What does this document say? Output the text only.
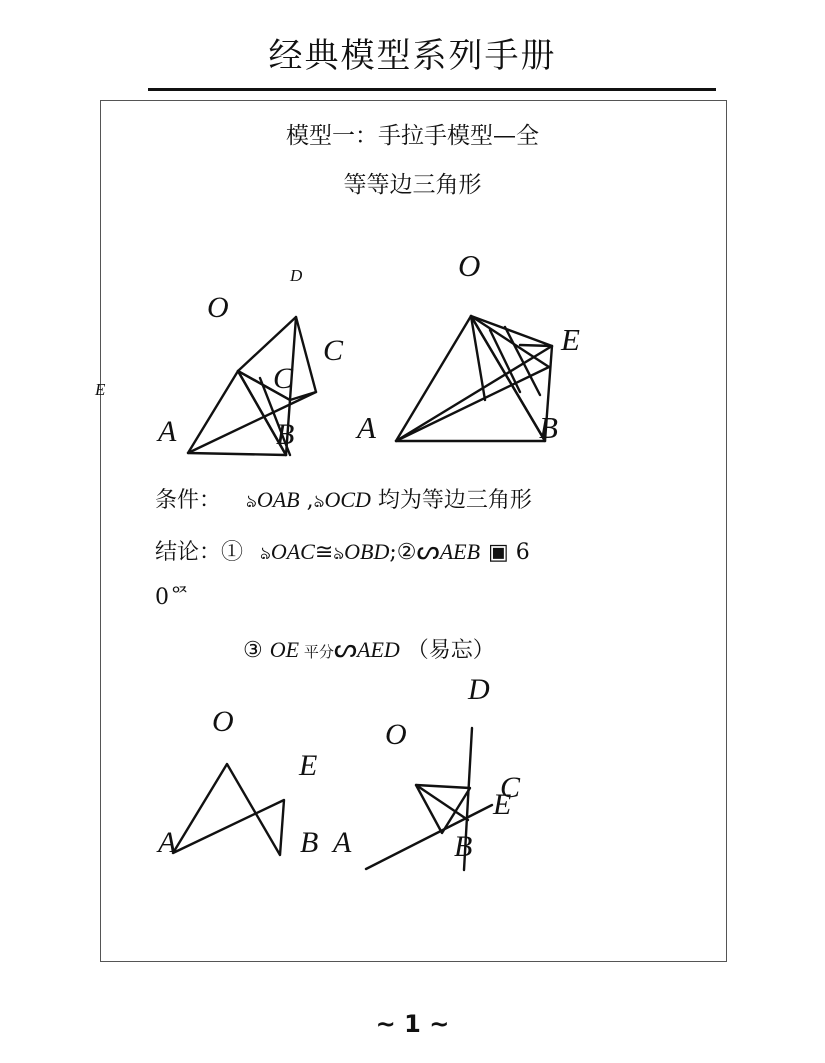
经典模型系列手册
模型一：手拉手模型—全
等等边三角形
D
O
C
C
E
A	B
O
E
A	B
O
E
A	B
D
O
C
E
A	B
条件： ঌOAB ,ঌOCD 均为等边三角形
结论：① ঌOAC≅ঌOBD;②ᔕAEB ▣ 6
0ᅈ
③ OE 平分ᔕAED （易忘）
~ 1 ~
